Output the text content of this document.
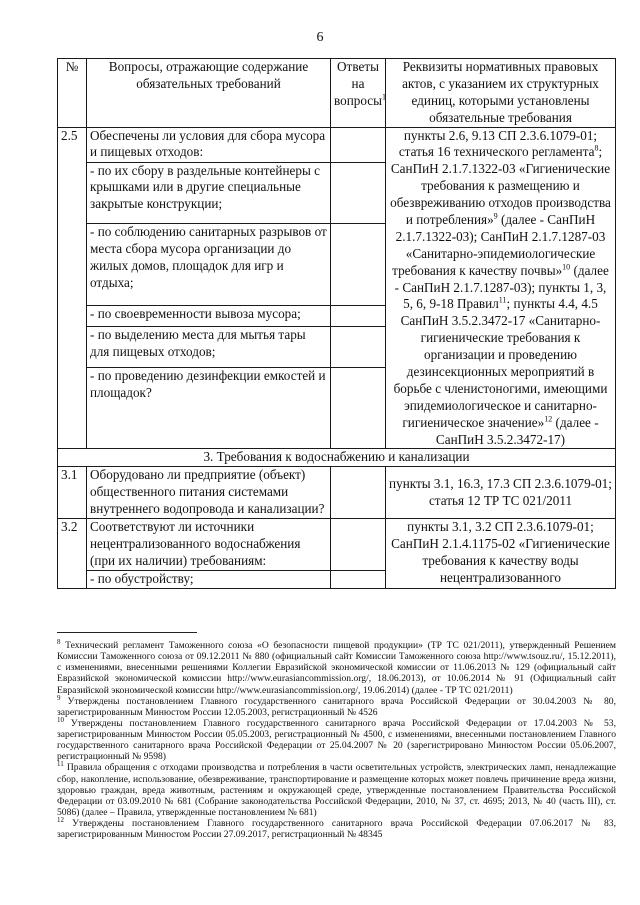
6
№	Вопросы, отражающие содержание обязательных требований	Ответы на вопросы$^1$	Реквизиты нормативных правовых актов, с указанием их структурных единиц, которыми установлены обязательные требования
2.5	Обеспечены ли условия для сбора мусора и пищевых отходов:		пункты 2.6, 9.13 СП 2.3.6.1079-01; статья 16 технического регламента$^8$; СанПиН 2.1.7.1322-03 «Гигиенические требования к размещению и обезвреживанию отходов производства и потребления»$^9$ (далее - СанПиН 2.1.7.1322-03); СанПиН 2.1.7.1287-03 «Санитарно-эпидемиологические требования к качеству почвы»$^{10}$ (далее - СанПиН 2.1.7.1287-03); пункты 1, 3, 5, 6, 9-18 Правил$^{11}$; пункты 4.4, 4.5 СанПиН 3.5.2.3472-17 «Санитарно-гигиенические требования к организации и проведению дезинсекционных мероприятий в борьбе с членистоногими, имеющими эпидемиологическое и санитарно-гигиеническое значение»$^{12}$ (далее - СанПиН 3.5.2.3472-17)
	- по их сбору в раздельные контейнеры с крышками или в другие специальные закрытые конструкции;		
	- по соблюдению санитарных разрывов от места сбора мусора организации до жилых домов, площадок для игр и отдыха;		
	- по своевременности вывоза мусора;		
	- по выделению места для мытья тары для пищевых отходов;		
	- по проведению дезинфекции емкостей и площадок?		
3. Требования к водоснабжению и канализации			
3.1	Оборудовано ли предприятие (объект) общественного питания системами внутреннего водопровода и канализации?		пункты 3.1, 16.3, 17.3 СП 2.3.6.1079-01; статья 12 ТР ТС 021/2011
3.2	Соответствуют ли источники нецентрализованного водоснабжения (при их наличии) требованиям:		пункты 3.1, 3.2 СП 2.3.6.1079-01; СанПиН 2.1.4.1175-02 «Гигиенические требования к качеству воды нецентрализованного
	- по обустройству;		

$^8$ Технический регламент Таможенного союза «О безопасности пищевой продукции» (ТР ТС 021/2011), утвержденный Решением Комиссии Таможенного союза от 09.12.2011 № 880 (официальный сайт Комиссии Таможенного союза http://www.tsouz.ru/, 15.12.2011), с изменениями, внесенными решениями Коллегии Евразийской экономической комиссии от 11.06.2013 № 129 (официальный сайт Евразийской экономической комиссии http://www.eurasiancommission.org/, 18.06.2013), от 10.06.2014 № 91 (Официальный сайт Евразийской экономической комиссии http://www.eurasiancommission.org/, 19.06.2014) (далее - ТР ТС 021/2011)

$^9$ Утверждены постановлением Главного государственного санитарного врача Российской Федерации от 30.04.2003 № 80, зарегистрированным Минюстом России 12.05.2003, регистрационный № 4526

$^{10}$ Утверждены постановлением Главного государственного санитарного врача Российской Федерации от 17.04.2003 № 53, зарегистрированным Минюстом России 05.05.2003, регистрационный № 4500, с изменениями, внесенными постановлением Главного государственного санитарного врача Российской Федерации от 25.04.2007 № 20 (зарегистрировано Минюстом России 05.06.2007, регистрационный № 9598)

$^{11}$ Правила обращения с отходами производства и потребления в части осветительных устройств, электрических ламп, ненадлежащие сбор, накопление, использование, обезвреживание, транспортирование и размещение которых может повлечь причинение вреда жизни, здоровью граждан, вреда животным, растениям и окружающей среде, утвержденные постановлением Правительства Российской Федерации от 03.09.2010 № 681 (Собрание законодательства Российской Федерации, 2010, № 37, ст. 4695; 2013, № 40 (часть III), ст. 5086) (далее – Правила, утвержденные постановлением № 681)

$^{12}$ Утверждены постановлением Главного государственного санитарного врача Российской Федерации 07.06.2017 № 83, зарегистрированным Минюстом России 27.09.2017, регистрационный № 48345
